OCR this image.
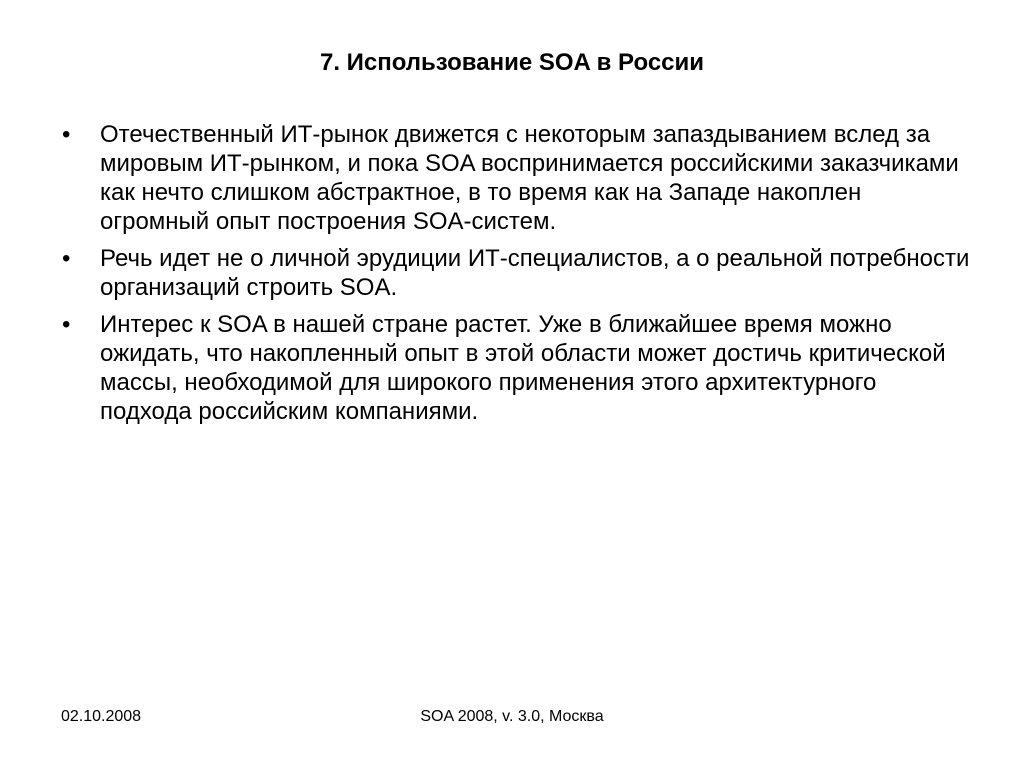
7. Использование SOA в России
•	Отечественный ИТ-рынок движется с некоторым запаздыванием вслед за мировым ИТ-рынком, и пока SOA воспринимается российскими заказчиками как нечто слишком абстрактное, в то время как на Западе накоплен огромный опыт построения SOA-систем.
•	Речь идет не о личной эрудиции ИТ-специалистов, а о реальной потребности организаций строить SOA.
•	Интерес к SOA в нашей стране растет. Уже в ближайшее время можно ожидать, что накопленный опыт в этой области может достичь критической массы, необходимой для широкого применения этого архитектурного подхода российским компаниями.
02.10.2008	SOA 2008, v. 3.0, Москва
